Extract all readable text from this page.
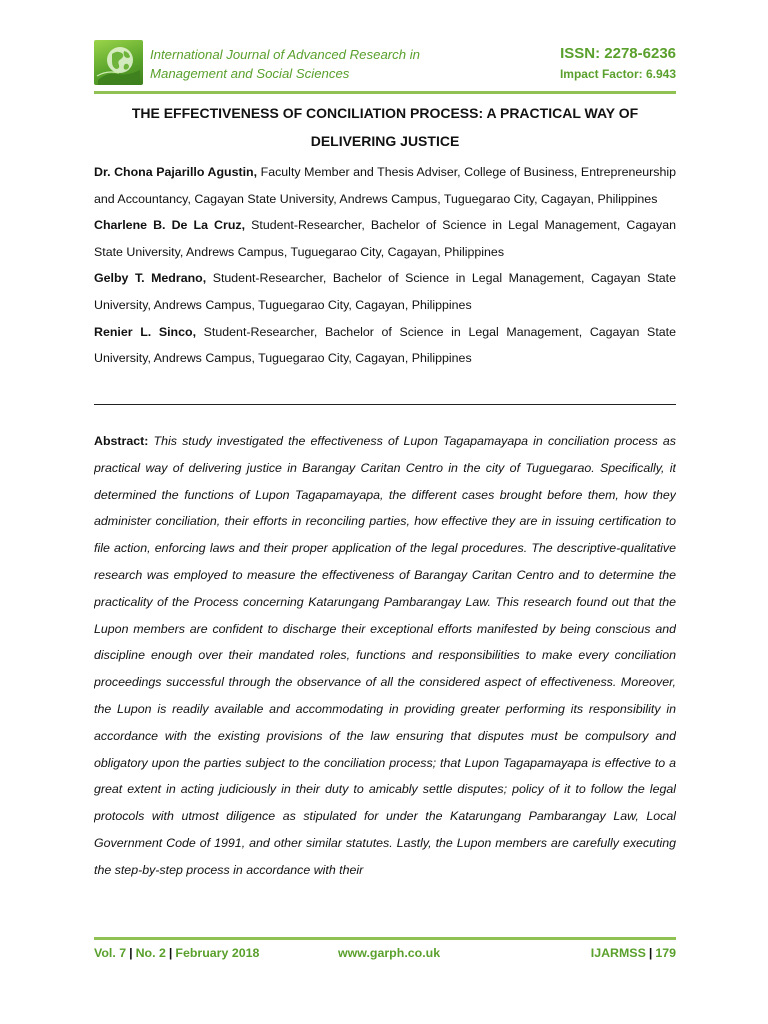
International Journal of Advanced Research in
Management and Social Sciences
ISSN: 2278-6236
Impact Factor: 6.943
THE EFFECTIVENESS OF CONCILIATION PROCESS: A PRACTICAL WAY OF
DELIVERING JUSTICE
Dr. Chona Pajarillo Agustin, Faculty Member and Thesis Adviser, College of Business, Entrepreneurship and Accountancy, Cagayan State University, Andrews Campus, Tuguegarao City, Cagayan, Philippines
Charlene B. De La Cruz, Student-Researcher, Bachelor of Science in Legal Management, Cagayan State University, Andrews Campus, Tuguegarao City, Cagayan, Philippines
Gelby T. Medrano, Student-Researcher, Bachelor of Science in Legal Management, Cagayan State University, Andrews Campus, Tuguegarao City, Cagayan, Philippines
Renier L. Sinco, Student-Researcher, Bachelor of Science in Legal Management, Cagayan State University, Andrews Campus, Tuguegarao City, Cagayan, Philippines
Abstract: This study investigated the effectiveness of Lupon Tagapamayapa in conciliation process as practical way of delivering justice in Barangay Caritan Centro in the city of Tuguegarao. Specifically, it determined the functions of Lupon Tagapamayapa, the different cases brought before them, how they administer conciliation, their efforts in reconciling parties, how effective they are in issuing certification to file action, enforcing laws and their proper application of the legal procedures. The descriptive-qualitative research was employed to measure the effectiveness of Barangay Caritan Centro and to determine the practicality of the Process concerning Katarungang Pambarangay Law. This research found out that the Lupon members are confident to discharge their exceptional efforts manifested by being conscious and discipline enough over their mandated roles, functions and responsibilities to make every conciliation proceedings successful through the observance of all the considered aspect of effectiveness. Moreover, the Lupon is readily available and accommodating in providing greater performing its responsibility in accordance with the existing provisions of the law ensuring that disputes must be compulsory and obligatory upon the parties subject to the conciliation process; that Lupon Tagapamayapa is effective to a great extent in acting judiciously in their duty to amicably settle disputes; policy of it to follow the legal protocols with utmost diligence as stipulated for under the Katarungang Pambarangay Law, Local Government Code of 1991, and other similar statutes. Lastly, the Lupon members are carefully executing the step-by-step process in accordance with their
Vol. 7 | No. 2 | February 2018	www.garph.co.uk	IJARMSS | 179
